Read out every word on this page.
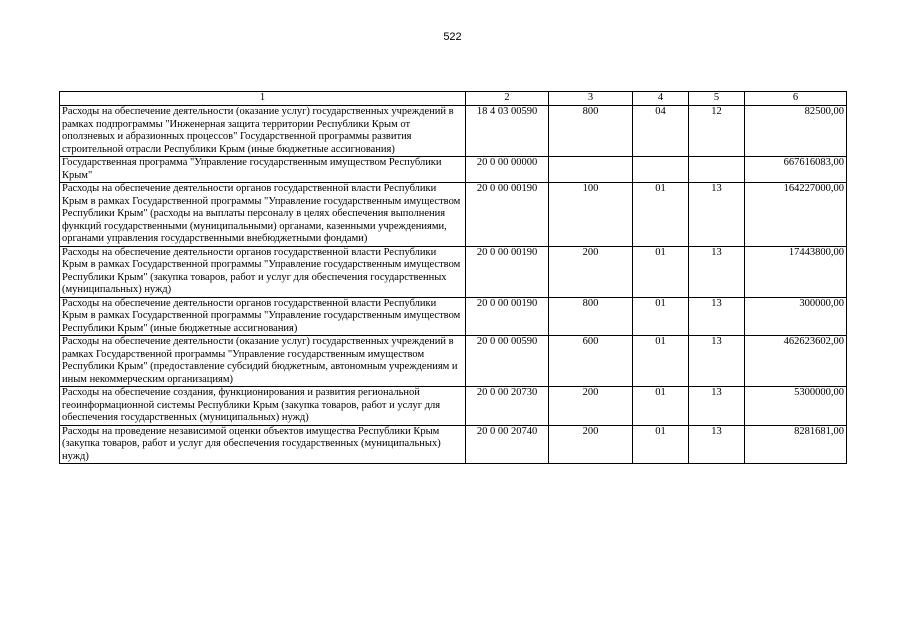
522
1	2	3	4	5	6
Расходы на обеспечение деятельности (оказание услуг) государственных учреждений в рамках подпрограммы "Инженерная защита территории Республики Крым от оползневых и абразионных процессов" Государственной программы развития строительной отрасли Республики Крым (иные бюджетные ассигнования)	18 4 03 00590	800	04	12	82500,00
Государственная программа "Управление государственным имуществом Республики Крым"	20 0 00 00000				667616083,00
Расходы на обеспечение деятельности органов государственной власти Республики Крым в рамках Государственной программы "Управление государственным имуществом Республики Крым" (расходы на выплаты персоналу в целях обеспечения выполнения функций государственными (муниципальными) органами, казенными учреждениями, органами управления государственными внебюджетными фондами)	20 0 00 00190	100	01	13	164227000,00
Расходы на обеспечение деятельности органов государственной власти Республики Крым в рамках Государственной программы "Управление государственным имуществом Республики Крым" (закупка товаров, работ и услуг для обеспечения государственных (муниципальных) нужд)	20 0 00 00190	200	01	13	17443800,00
Расходы на обеспечение деятельности органов государственной власти Республики Крым в рамках Государственной программы "Управление государственным имуществом Республики Крым" (иные бюджетные ассигнования)	20 0 00 00190	800	01	13	300000,00
Расходы на обеспечение деятельности (оказание услуг) государственных учреждений в рамках Государственной программы "Управление государственным имуществом Республики Крым" (предоставление субсидий бюджетным, автономным учреждениям и иным некоммерческим организациям)	20 0 00 00590	600	01	13	462623602,00
Расходы на обеспечение создания, функционирования и развития региональной геоинформационной системы Республики Крым (закупка товаров, работ и услуг для обеспечения государственных (муниципальных) нужд)	20 0 00 20730	200	01	13	5300000,00
Расходы на проведение независимой оценки объектов имущества Республики Крым (закупка товаров, работ и услуг для обеспечения государственных (муниципальных) нужд)	20 0 00 20740	200	01	13	8281681,00
